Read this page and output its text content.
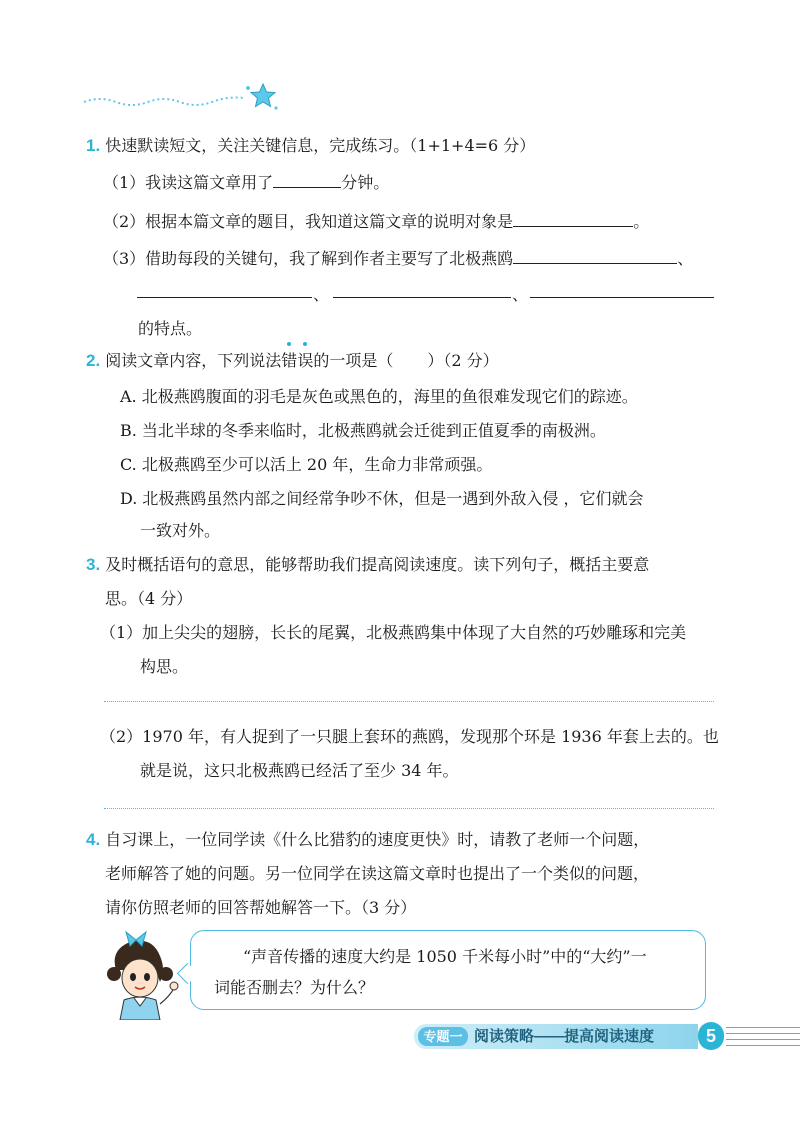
1. 快速默读短文，关注关键信息，完成练习。（1+1+4=6 分）
（1）我读这篇文章用了	分钟。
（2）根据本篇文章的题目，我知道这篇文章的说明对象是	。
（3）借助每段的关键句，我了解到作者主要写了北极燕鸥	、
、	、
的特点。
2. 阅读文章内容，下列说法错误的一项是（ ）（2 分）
A. 北极燕鸥腹面的羽毛是灰色或黑色的，海里的鱼很难发现它们的踪迹。
B. 当北半球的冬季来临时，北极燕鸥就会迁徙到正值夏季的南极洲。
C. 北极燕鸥至少可以活上 20 年，生命力非常顽强。
D. 北极燕鸥虽然内部之间经常争吵不休，但是一遇到外敌入侵 ，它们就会
一致对外。
3. 及时概括语句的意思，能够帮助我们提高阅读速度。读下列句子，概括主要意
思。（4 分）
（1）加上尖尖的翅膀，长长的尾翼，北极燕鸥集中体现了大自然的巧妙雕琢和完美
构思。
（2）1970 年，有人捉到了一只腿上套环的燕鸥，发现那个环是 1936 年套上去的。也
就是说，这只北极燕鸥已经活了至少 34 年。
4. 自习课上，一位同学读《什么比猎豹的速度更快》时，请教了老师一个问题，
老师解答了她的问题。另一位同学在读这篇文章时也提出了一个类似的问题，
请你仿照老师的回答帮她解答一下。（3 分）
“声音传播的速度大约是 1050 千米每小时”中的“大约”一
词能否删去？为什么？
专题一 阅读策略——提高阅读速度	5
